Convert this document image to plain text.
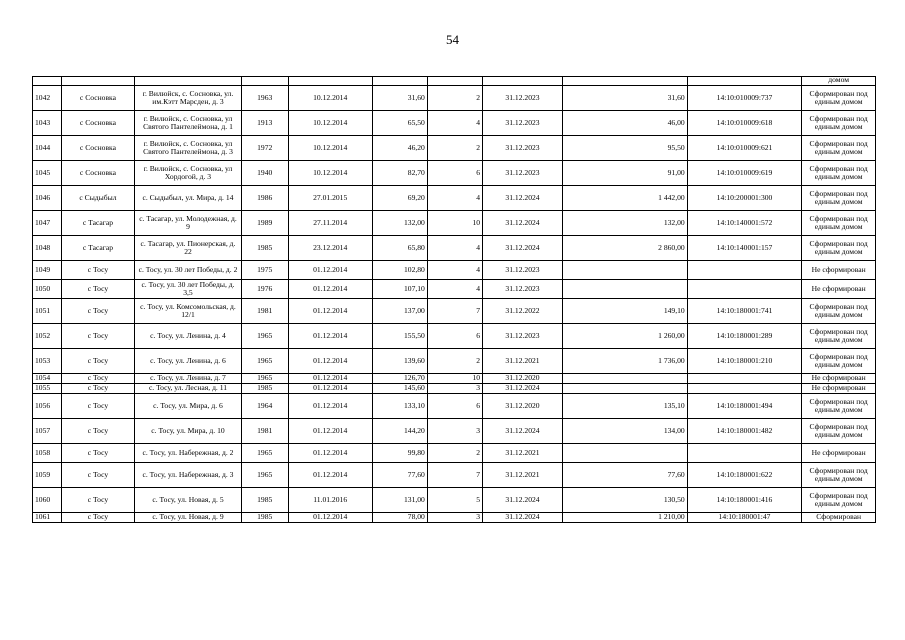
54

										домом

1042	с Сосновка	г. Вилюйск, с. Сосновка, ул. им.Кэтт Марсден, д. 3	1963	10.12.2014	31,60	2	31.12.2023	31,60	14:10:010009:737	Сформирован под единым домом
1043	с Сосновка	г. Вилюйск, с. Сосновка, ул Святого Пантелеймона, д. 1	1913	10.12.2014	65,50	4	31.12.2023	46,00	14:10:010009:618	Сформирован под единым домом
1044	с Сосновка	г. Вилюйск, с. Сосновка, ул Святого Пантелеймона, д. 3	1972	10.12.2014	46,20	2	31.12.2023	95,50	14:10:010009:621	Сформирован под единым домом
1045	с Сосновка	г. Вилюйск, с. Сосновка, ул Хордогой, д. 3	1940	10.12.2014	82,70	6	31.12.2023	91,00	14:10:010009:619	Сформирован под единым домом
1046	с Сыдыбыл	с. Сыдыбыл, ул. Мира, д. 14	1986	27.01.2015	69,20	4	31.12.2024	1 442,00	14:10:200001:300	Сформирован под единым домом
1047	с Тасагар	с. Тасагар, ул. Молодежная, д. 9	1989	27.11.2014	132,00	10	31.12.2024	132,00	14:10:140001:572	Сформирован под единым домом
1048	с Тасагар	с. Тасагар, ул. Пионерская, д. 22	1985	23.12.2014	65,80	4	31.12.2024	2 860,00	14:10:140001:157	Сформирован под единым домом
1049	с Тосу	с. Тосу, ул. 30 лет Победы, д. 2	1975	01.12.2014	102,80	4	31.12.2023			Не сформирован
1050	с Тосу	с. Тосу, ул. 30 лет Победы, д. 3,5	1976	01.12.2014	107,10	4	31.12.2023			Не сформирован
1051	с Тосу	с. Тосу, ул. Комсомольская, д. 12/1	1981	01.12.2014	137,00	7	31.12.2022	149,10	14:10:180001:741	Сформирован под единым домом
1052	с Тосу	с. Тосу, ул. Ленина, д. 4	1965	01.12.2014	155,50	6	31.12.2023	1 260,00	14:10:180001:289	Сформирован под единым домом
1053	с Тосу	с. Тосу, ул. Ленина, д. 6	1965	01.12.2014	139,60	2	31.12.2021	1 736,00	14:10:180001:210	Сформирован под единым домом
1054	с Тосу	с. Тосу, ул. Ленина, д. 7	1965	01.12.2014	126,70	10	31.12.2020			Не сформирован
1055	с Тосу	с. Тосу, ул. Лесная, д. 11	1985	01.12.2014	145,60	3	31.12.2024			Не сформирован
1056	с Тосу	с. Тосу, ул. Мира, д. 6	1964	01.12.2014	133,10	6	31.12.2020	135,10	14:10:180001:494	Сформирован под единым домом
1057	с Тосу	с. Тосу, ул. Мира, д. 10	1981	01.12.2014	144,20	3	31.12.2024	134,00	14:10:180001:482	Сформирован под единым домом
1058	с Тосу	с. Тосу, ул. Набережная, д. 2	1965	01.12.2014	99,80	2	31.12.2021			Не сформирован
1059	с Тосу	с. Тосу, ул. Набережная, д. 3	1965	01.12.2014	77,60	7	31.12.2021	77,60	14:10:180001:622	Сформирован под единым домом
1060	с Тосу	с. Тосу, ул. Новая, д. 5	1985	11.01.2016	131,00	5	31.12.2024	130,50	14:10:180001:416	Сформирован под единым домом
1061	с Тосу	с. Тосу, ул. Новая, д. 9	1985	01.12.2014	78,00	3	31.12.2024	1 210,00	14:10:180001:47	Сформирован
